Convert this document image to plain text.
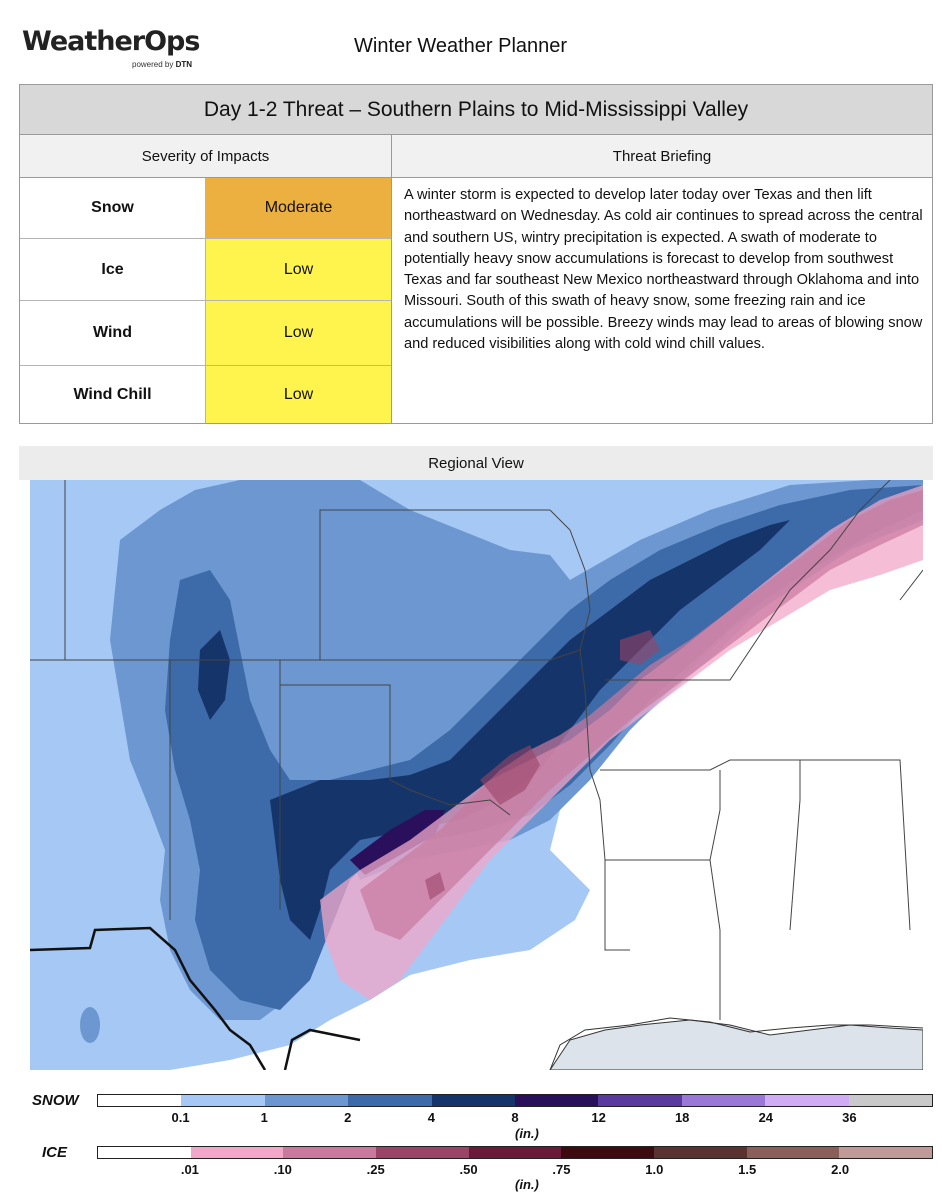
WeatherOps
powered by DTN
Winter Weather Planner
Day 1-2 Threat – Southern Plains to Mid-Mississippi Valley
Severity of Impacts	Threat Briefing
Snow	Moderate
Ice	Low
Wind	Low
Wind Chill	Low
A winter storm is expected to develop later today over Texas and then lift northeastward on Wednesday. As cold air continues to spread across the central and southern US, wintry precipitation is expected. A swath of moderate to potentially heavy snow accumulations is forecast to develop from southwest Texas and far southeast New Mexico northeastward through Oklahoma and into Missouri. South of this swath of heavy snow, some freezing rain and ice accumulations will be possible. Breezy winds may lead to areas of blowing snow and reduced visibilities along with cold wind chill values.
Regional View
SNOW
0.1	1	2	4	8	12	18	24	36
(in.)
ICE
.01	.10	.25	.50	.75	1.0	1.5	2.0
(in.)
